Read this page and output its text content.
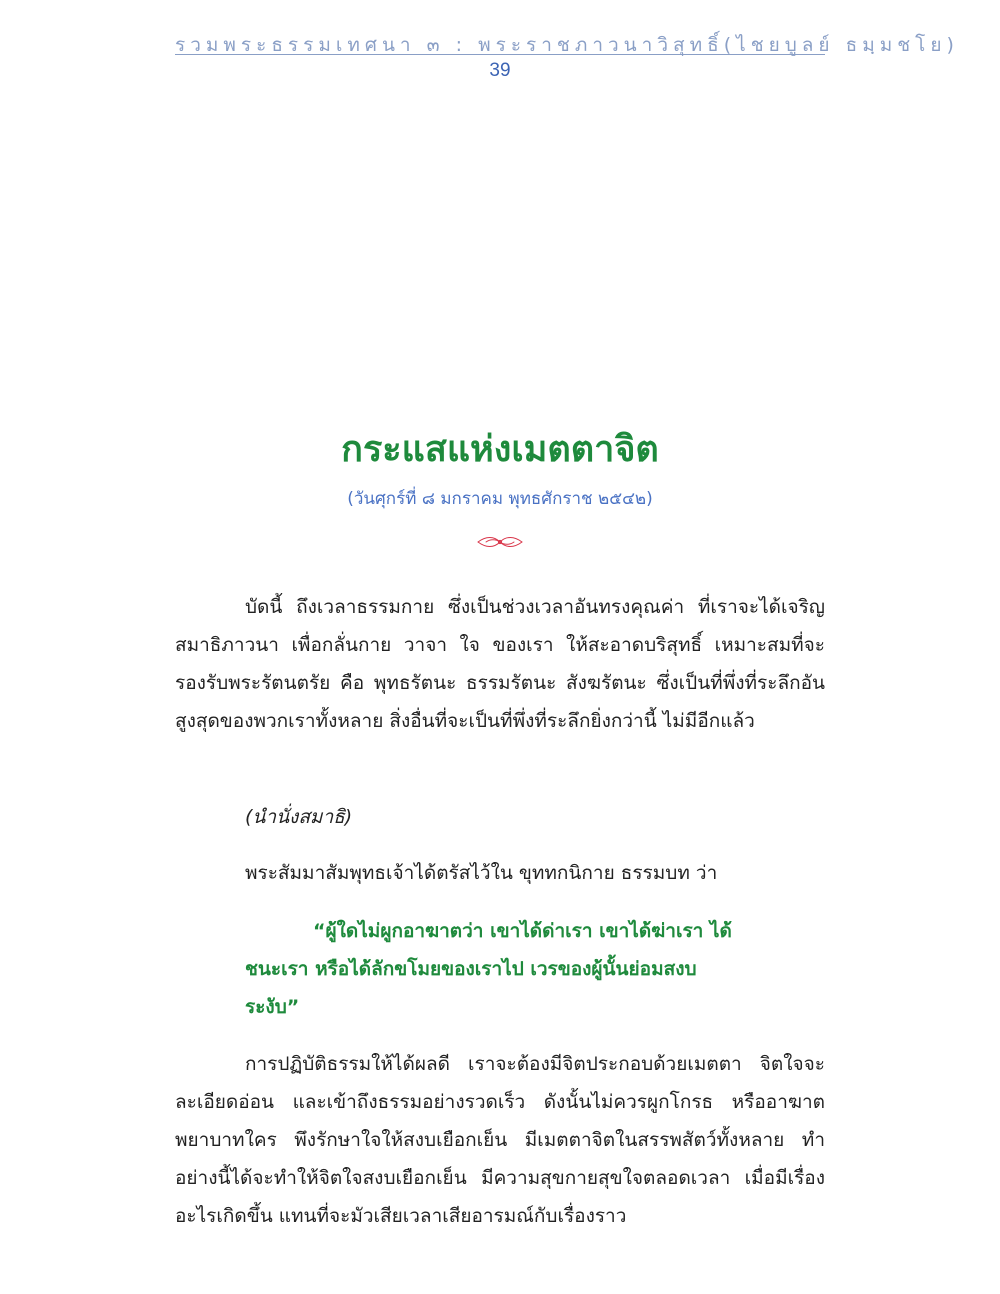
รวมพระธรรมเทศนา ๓ : พระราชภาวนาวิสุทธิ์(ไชยบูลย์ ธมฺมชโย)
39
กระแสแห่งเมตตาจิต
(วันศุกร์ที่ ๘ มกราคม พุทธศักราช ๒๕๔๒)

บัดนี้ ถึงเวลาธรรมกาย ซึ่งเป็นช่วงเวลาอันทรงคุณค่า ที่เราจะได้เจริญสมาธิภาวนา เพื่อกลั่นกาย วาจา ใจ ของเรา ให้สะอาดบริสุทธิ์ เหมาะสมที่จะรองรับพระรัตนตรัย คือ พุทธรัตนะ ธรรมรัตนะ สังฆรัตนะ ซึ่งเป็นที่พึ่งที่ระลึกอันสูงสุดของพวกเราทั้งหลาย สิ่งอื่นที่จะเป็นที่พึ่งที่ระลึกยิ่งกว่านี้ ไม่มีอีกแล้ว

(นำนั่งสมาธิ)

พระสัมมาสัมพุทธเจ้าได้ตรัสไว้ใน ขุททกนิกาย ธรรมบท ว่า

“ผู้ใดไม่ผูกอาฆาตว่า เขาได้ด่าเรา เขาได้ฆ่าเรา ได้ชนะเรา หรือได้ลักขโมยของเราไป เวรของผู้นั้นย่อมสงบระงับ”

การปฏิบัติธรรมให้ได้ผลดี เราจะต้องมีจิตประกอบด้วยเมตตา จิตใจจะละเอียดอ่อน และเข้าถึงธรรมอย่างรวดเร็ว ดังนั้นไม่ควรผูกโกรธ หรืออาฆาตพยาบาทใคร พึงรักษาใจให้สงบเยือกเย็น มีเมตตาจิตในสรรพสัตว์ทั้งหลาย ทำอย่างนี้ได้จะทำให้จิตใจสงบเยือกเย็น มีความสุขกายสุขใจตลอดเวลา เมื่อมีเรื่องอะไรเกิดขึ้น แทนที่จะมัวเสียเวลาเสียอารมณ์กับเรื่องราว
